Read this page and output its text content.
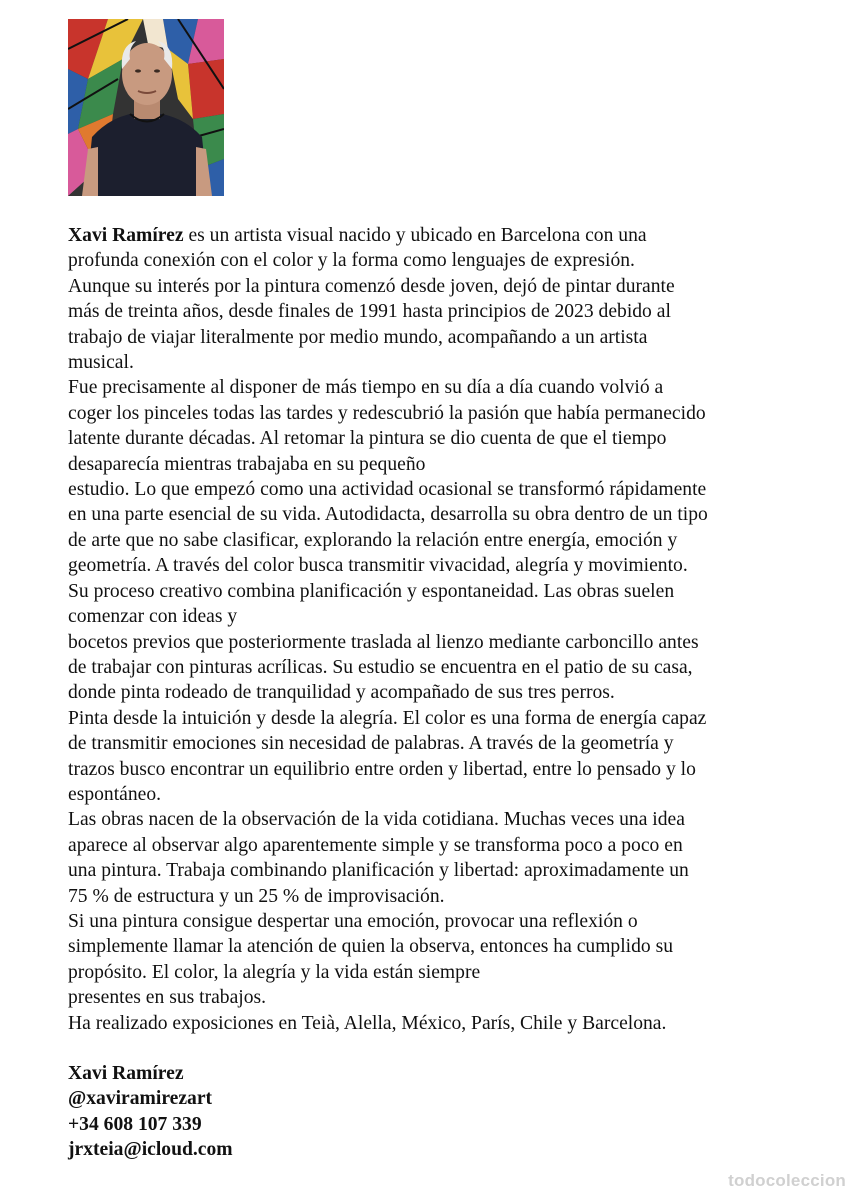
Xavi Ramírez es un artista visual nacido y ubicado en Barcelona con una
profunda conexión con el color y la forma como lenguajes de expresión.
Aunque su interés por la pintura comenzó desde joven, dejó de pintar durante
más de treinta años, desde finales de 1991 hasta principios de 2023 debido al
trabajo de viajar literalmente por medio mundo, acompañando a un artista
musical.
Fue precisamente al disponer de más tiempo en su día a día cuando volvió a
coger los pinceles todas las tardes y redescubrió la pasión que había permanecido
latente durante décadas. Al retomar la pintura se dio cuenta de que el tiempo
desaparecía mientras trabajaba en su pequeño
estudio. Lo que empezó como una actividad ocasional se transformó rápidamente
en una parte esencial de su vida. Autodidacta, desarrolla su obra dentro de un tipo
de arte que no sabe clasificar, explorando la relación entre energía, emoción y
geometría. A través del color busca transmitir vivacidad, alegría y movimiento.
Su proceso creativo combina planificación y espontaneidad. Las obras suelen
comenzar con ideas y
bocetos previos que posteriormente traslada al lienzo mediante carboncillo antes
de trabajar con pinturas acrílicas. Su estudio se encuentra en el patio de su casa,
donde pinta rodeado de tranquilidad y acompañado de sus tres perros.
Pinta desde la intuición y desde la alegría. El color es una forma de energía capaz
de transmitir emociones sin necesidad de palabras. A través de la geometría y
trazos busco encontrar un equilibrio entre orden y libertad, entre lo pensado y lo
espontáneo.
Las obras nacen de la observación de la vida cotidiana. Muchas veces una idea
aparece al observar algo aparentemente simple y se transforma poco a poco en
una pintura. Trabaja combinando planificación y libertad: aproximadamente un
75 % de estructura y un 25 % de improvisación.
Si una pintura consigue despertar una emoción, provocar una reflexión o
simplemente llamar la atención de quien la observa, entonces ha cumplido su
propósito. El color, la alegría y la vida están siempre
presentes en sus trabajos.
Ha realizado exposiciones en Teià, Alella, México, París, Chile y Barcelona.
Xavi Ramírez
@xaviramirezart
+34 608 107 339
jrxteia@icloud.com
todocoleccion
